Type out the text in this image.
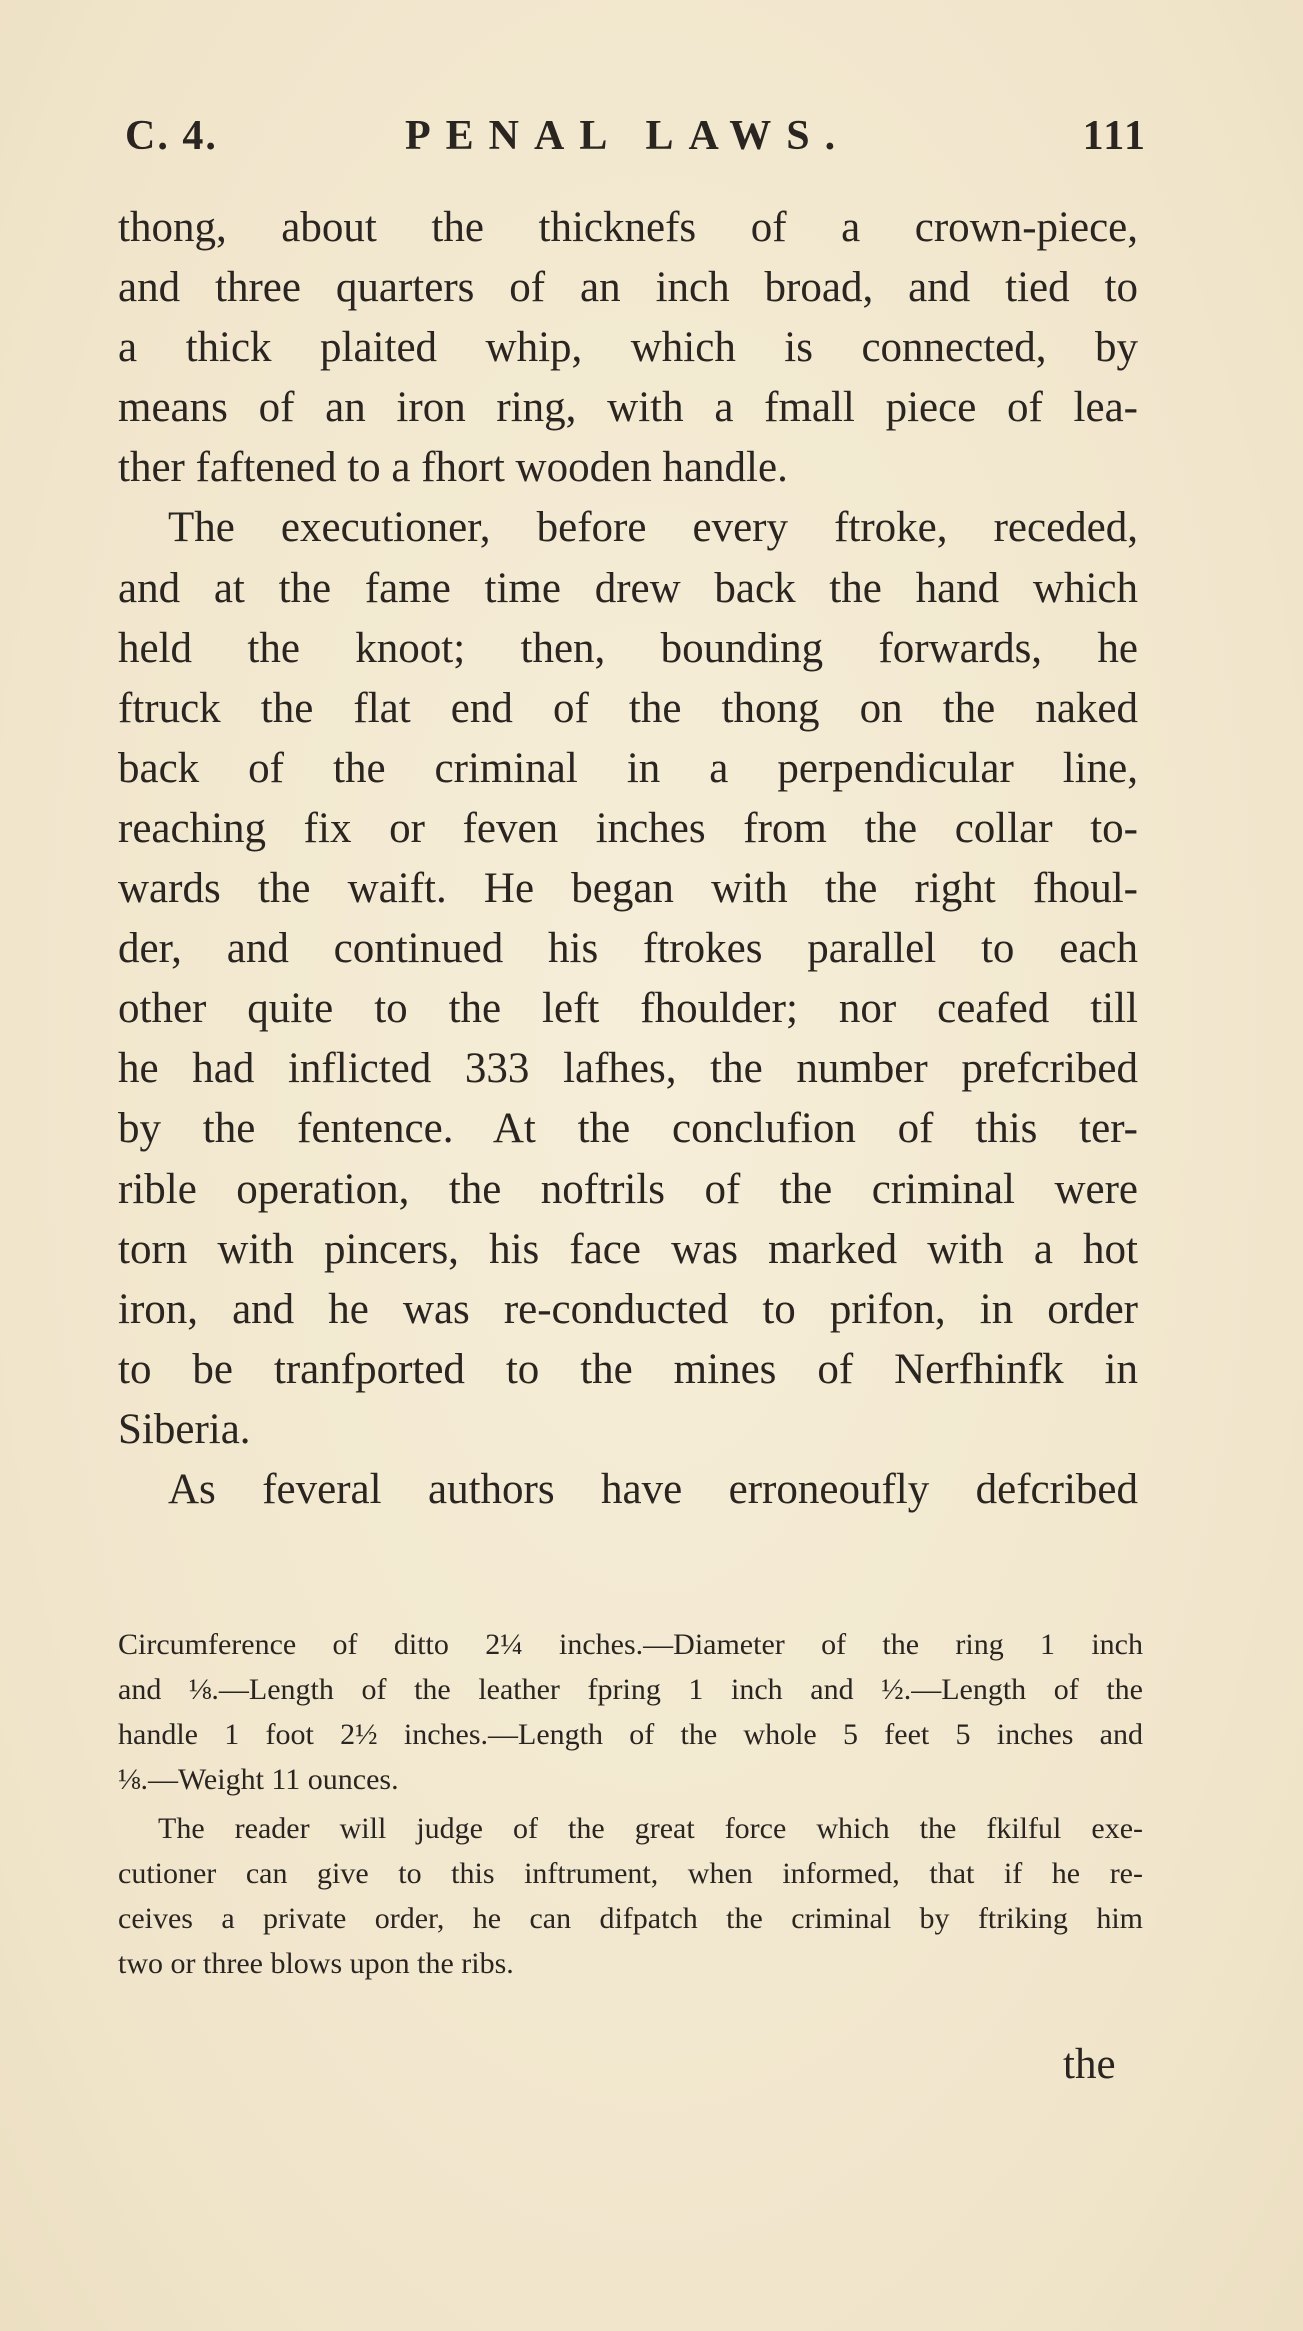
C. 4.	PENAL LAWS.	111
thong, about the thicknefs of a crown-piece,
and three quarters of an inch broad, and tied to
a thick plaited whip, which is connected, by
means of an iron ring, with a fmall piece of lea-
ther faftened to a fhort wooden handle.
The executioner, before every ftroke, receded,
and at the fame time drew back the hand which
held the knoot; then, bounding forwards, he
ftruck the flat end of the thong on the naked
back of the criminal in a perpendicular line,
reaching fix or feven inches from the collar to-
wards the waift. He began with the right fhoul-
der, and continued his ftrokes parallel to each
other quite to the left fhoulder; nor ceafed till
he had inflicted 333 lafhes, the number prefcribed
by the fentence. At the conclufion of this ter-
rible operation, the noftrils of the criminal were
torn with pincers, his face was marked with a hot
iron, and he was re-conducted to prifon, in order
to be tranfported to the mines of Nerfhinfk in
Siberia.
As feveral authors have erroneoufly defcribed
Circumference of ditto 2¼ inches.—Diameter of the ring 1 inch
and ⅛.—Length of the leather fpring 1 inch and ½.—Length of the
handle 1 foot 2½ inches.—Length of the whole 5 feet 5 inches and
⅛.—Weight 11 ounces.
The reader will judge of the great force which the fkilful exe-
cutioner can give to this inftrument, when informed, that if he re-
ceives a private order, he can difpatch the criminal by ftriking him
two or three blows upon the ribs.
the
